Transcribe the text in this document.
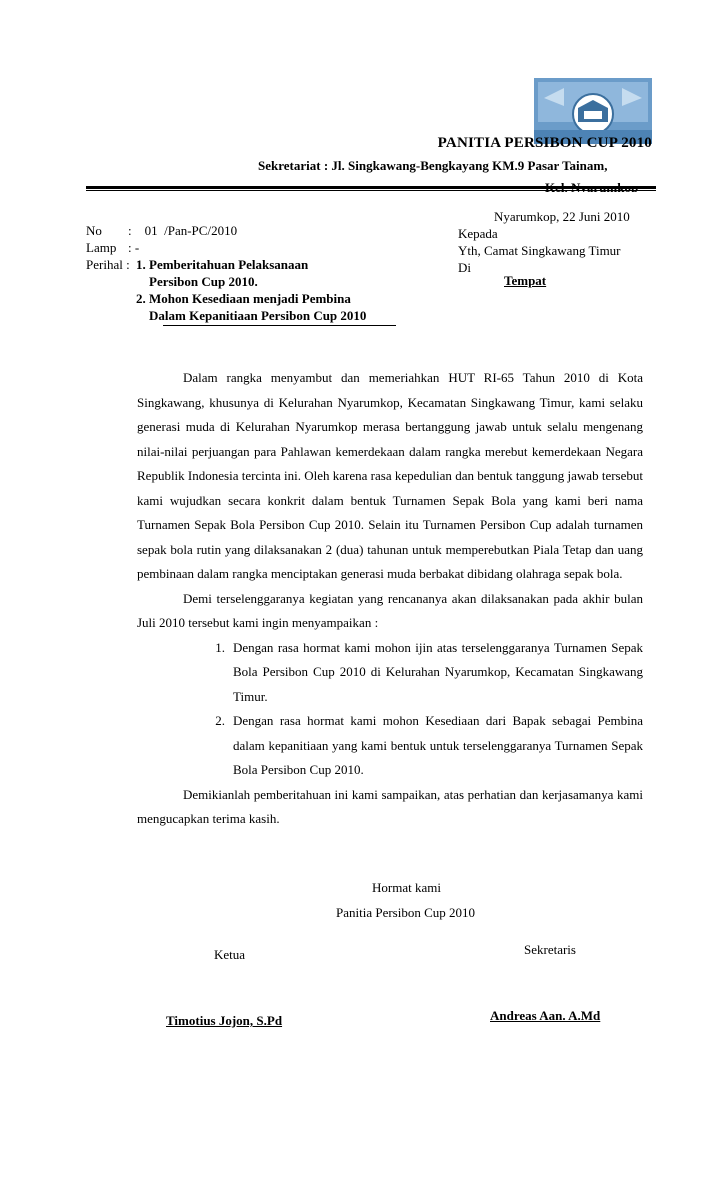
PANITIA PERSIBON CUP 2010
Sekretariat : Jl. Singkawang-Bengkayang KM.9 Pasar Tainam,
No	:    01  /Pan-PC/2010
Lamp : -
Perihal : 1. Pemberitahuan Pelaksanaan
Persibon Cup 2010.
2. Mohon Kesediaan menjadi Pembina
Dalam Kepanitiaan Persibon Cup 2010
Nyarumkop, 22 Juni 2010
Kepada
Yth, Camat Singkawang Timur
Di
Tempat

Dalam rangka menyambut dan memeriahkan HUT RI-65 Tahun 2010 di Kota Singkawang, khusunya di Kelurahan Nyarumkop, Kecamatan Singkawang Timur, kami selaku generasi muda di Kelurahan Nyarumkop merasa bertanggung jawab untuk selalu mengenang nilai-nilai perjuangan para Pahlawan kemerdekaan dalam rangka merebut kemerdekaan Negara Republik Indonesia tercinta ini. Oleh karena rasa kepedulian dan bentuk tanggung jawab tersebut kami wujudkan secara konkrit dalam bentuk Turnamen Sepak Bola yang kami beri nama Turnamen Sepak Bola Persibon Cup 2010. Selain itu Turnamen Persibon Cup adalah turnamen sepak bola rutin yang dilaksanakan 2 (dua) tahunan untuk memperebutkan Piala Tetap dan uang pembinaan dalam rangka menciptakan generasi muda berbakat dibidang olahraga sepak bola.

Demi terselenggaranya kegiatan yang rencananya akan dilaksanakan pada akhir bulan Juli 2010 tersebut kami ingin menyampaikan :

1. Dengan rasa hormat kami mohon ijin atas terselenggaranya Turnamen Sepak Bola Persibon Cup 2010 di Kelurahan Nyarumkop, Kecamatan Singkawang Timur.
2. Dengan rasa hormat kami mohon Kesediaan dari Bapak sebagai Pembina dalam kepanitiaan yang kami bentuk untuk terselenggaranya Turnamen Sepak Bola Persibon Cup 2010.

Demikianlah pemberitahuan ini kami sampaikan, atas perhatian dan kerjasamanya kami mengucapkan terima kasih.

Hormat kami
Panitia Persibon Cup 2010
Ketua	Sekretaris
Timotius Jojon, S.Pd	Andreas Aan. A.Md
